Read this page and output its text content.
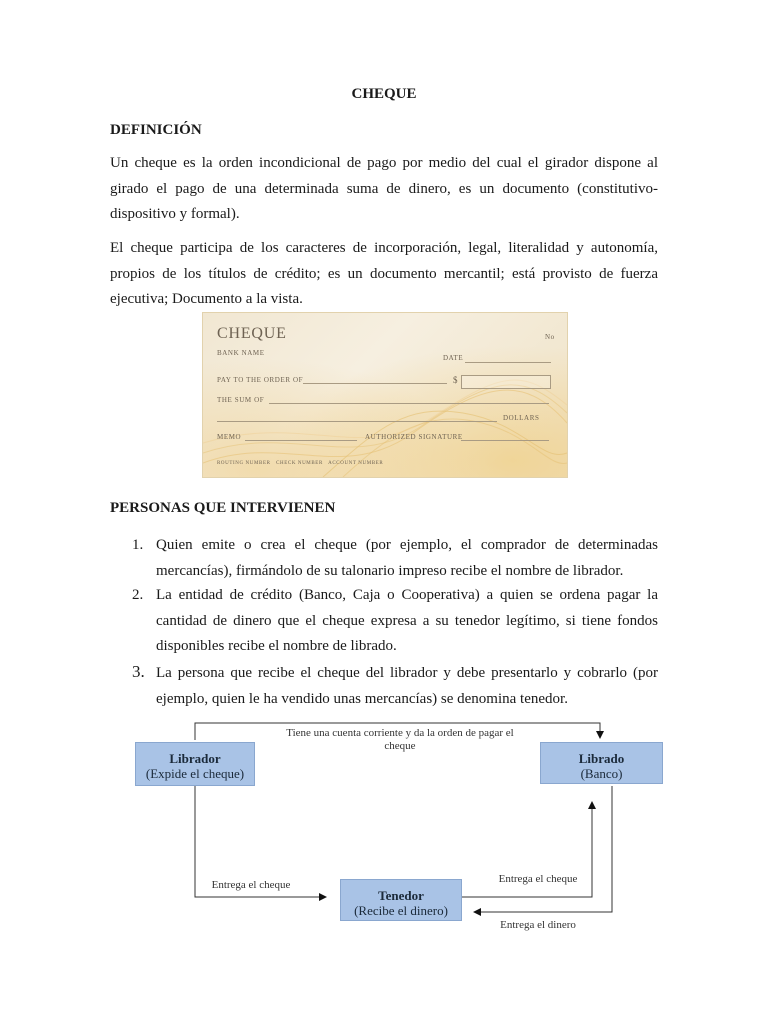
CHEQUE
DEFINICIÓN
Un cheque es la orden incondicional de pago por medio del cual el girador dispone al girado el pago de una determinada suma de dinero, es un documento (constitutivo-dispositivo y formal).
El cheque participa de los caracteres de incorporación, legal, literalidad y autonomía, propios de los títulos de crédito; es un documento mercantil; está provisto de fuerza ejecutiva; Documento a la vista.
CHEQUE	No
BANK NAME
DATE
PAY TO THE ORDER OF	$
THE SUM OF
DOLLARS
MEMO	AUTHORIZED SIGNATURE
ROUTING NUMBER   CHECK NUMBER   ACCOUNT NUMBER
PERSONAS QUE INTERVIENEN
1. Quien emite o crea el cheque (por ejemplo, el comprador de determinadas mercancías), firmándolo de su talonario impreso recibe el nombre de librador.
2. La entidad de crédito (Banco, Caja o Cooperativa) a quien se ordena pagar la cantidad de dinero que el cheque expresa a su tenedor legítimo, si tiene fondos disponibles recibe el nombre de librado.
3. La persona que recibe el cheque del librador y debe presentarlo y cobrarlo (por ejemplo, quien le ha vendido unas mercancías) se denomina tenedor.
Librador
(Expide el cheque)
Librado
(Banco)
Tenedor
(Recibe el dinero)
Tiene una cuenta corriente y da la orden de pagar el cheque
Entrega el cheque	Entrega el cheque
Entrega el dinero
